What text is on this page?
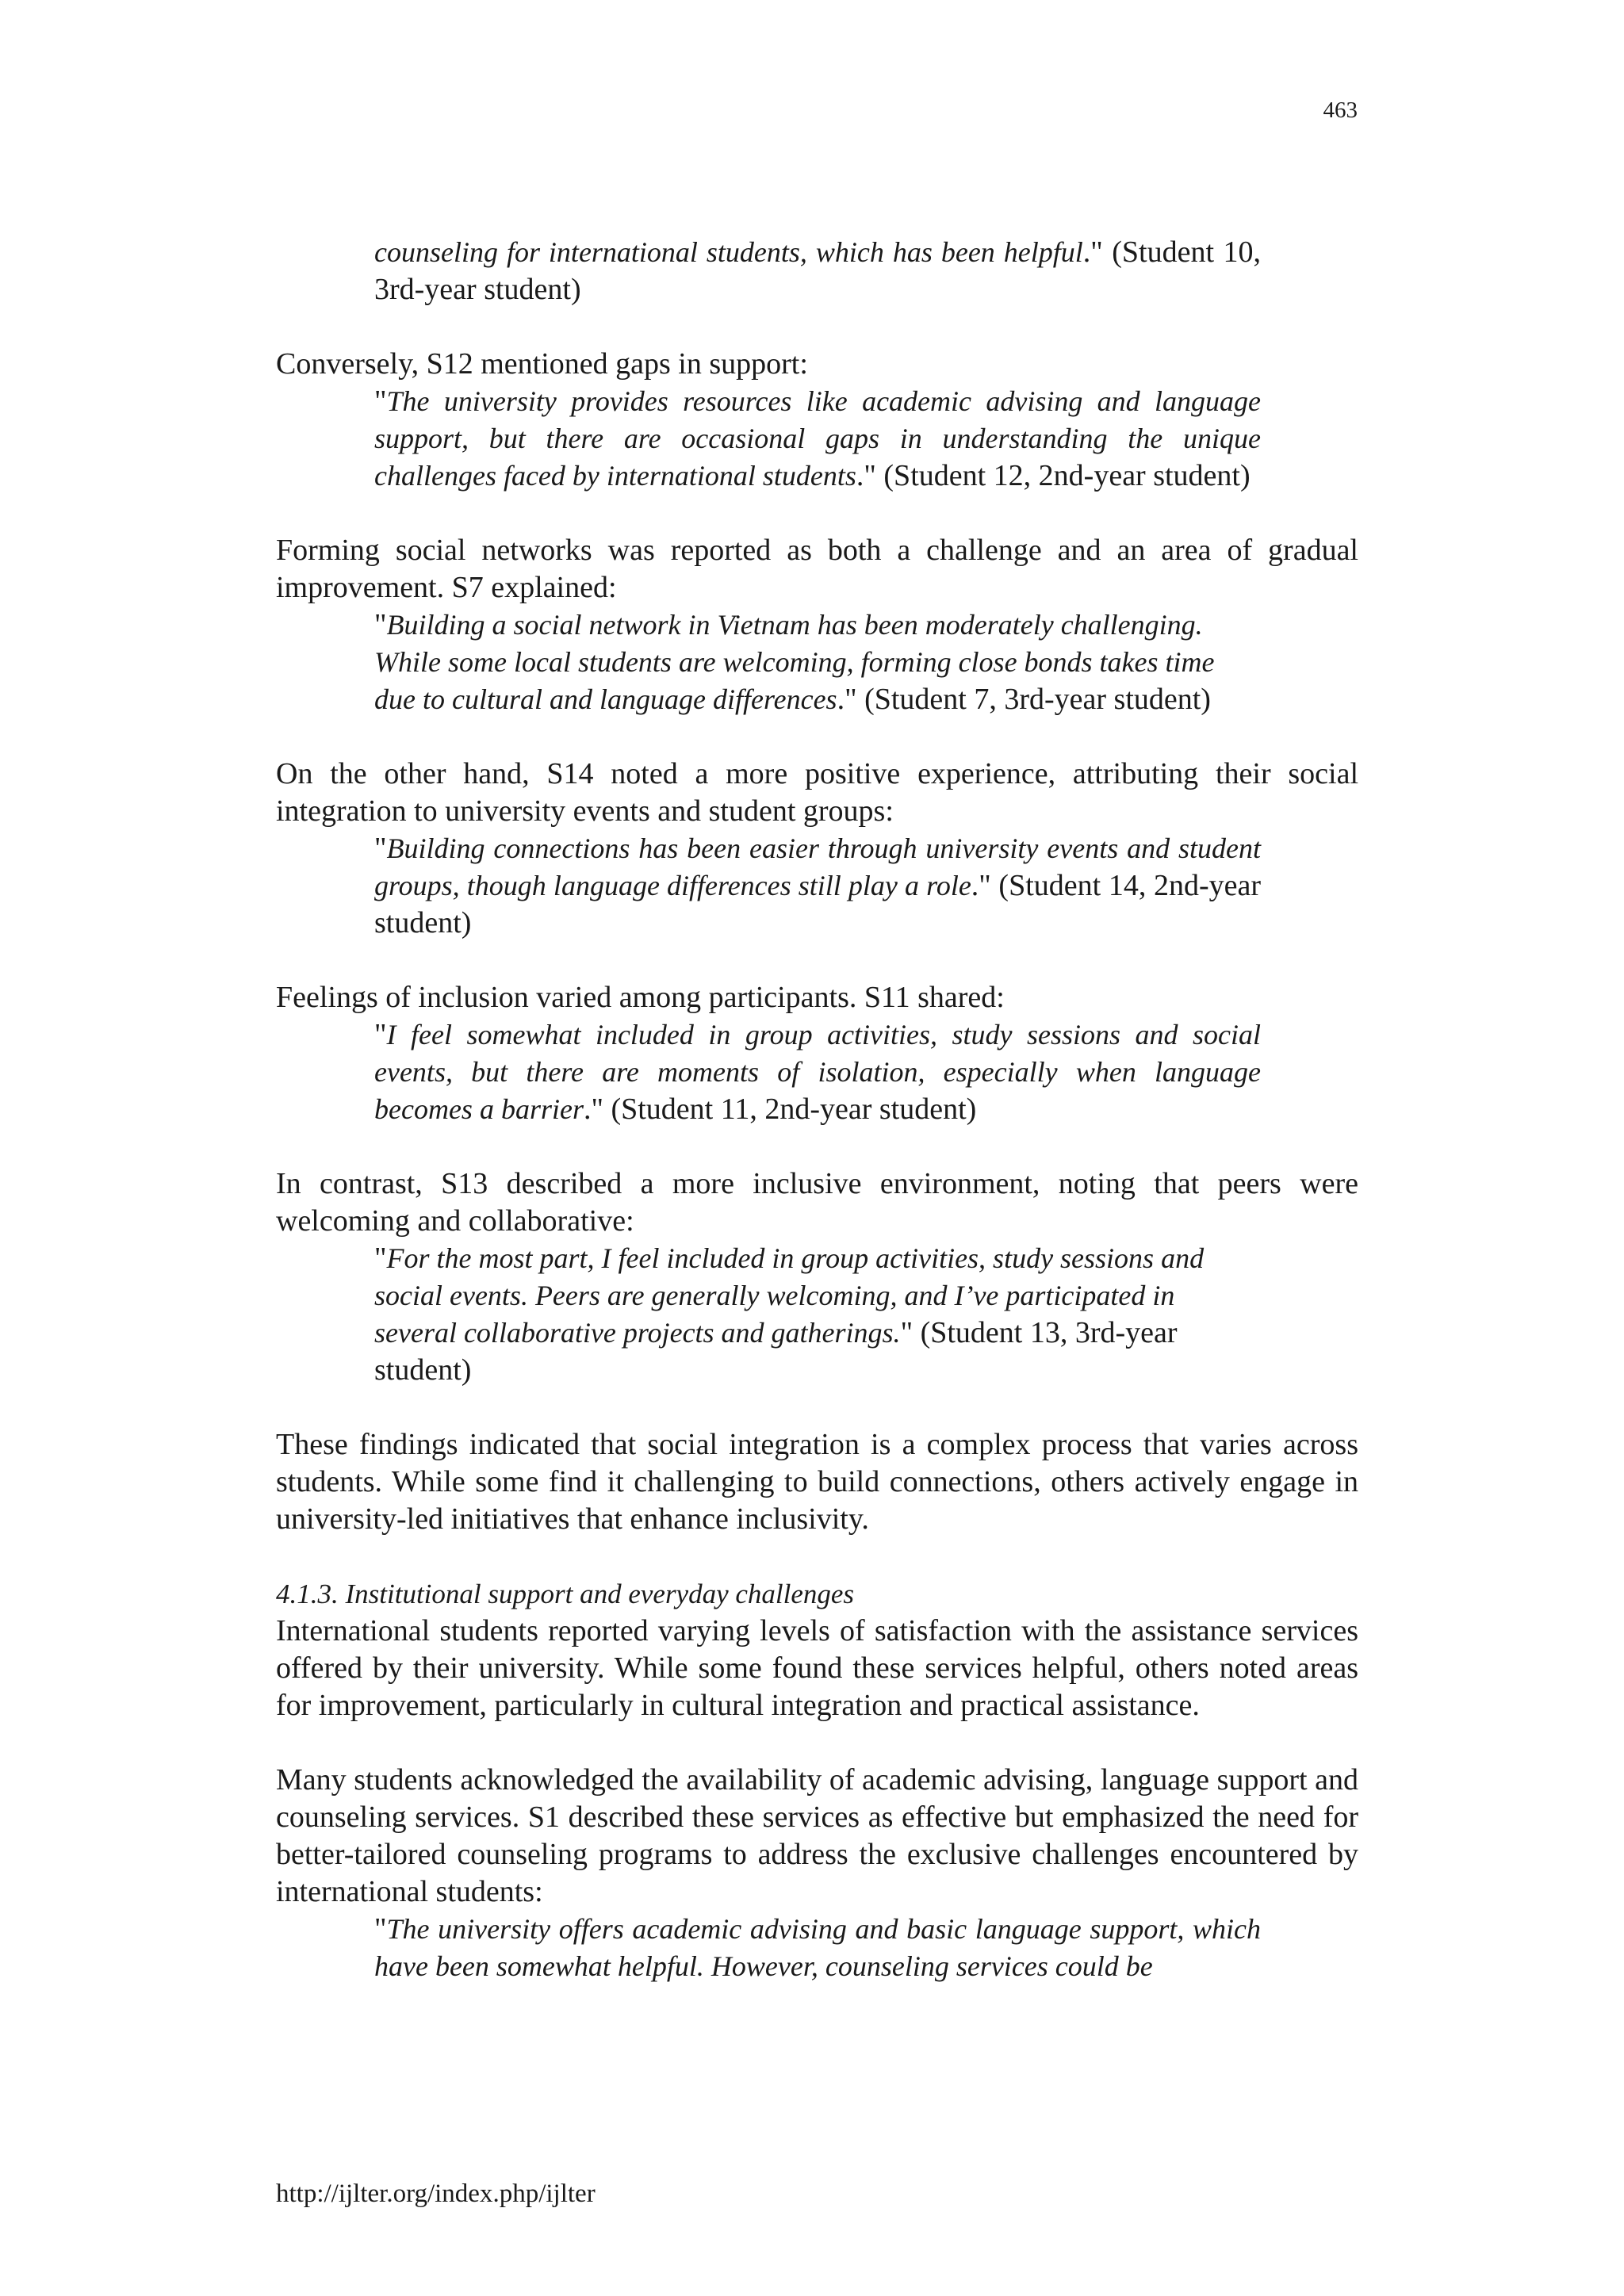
463

counseling for international students, which has been helpful." (Student 10, 3rd-year student)

Conversely, S12 mentioned gaps in support:

"The university provides resources like academic advising and language support, but there are occasional gaps in understanding the unique challenges faced by international students." (Student 12, 2nd-year student)

Forming social networks was reported as both a challenge and an area of gradual improvement. S7 explained:

"Building a social network in Vietnam has been moderately challenging. While some local students are welcoming, forming close bonds takes time due to cultural and language differences." (Student 7, 3rd-year student)

On the other hand, S14 noted a more positive experience, attributing their social integration to university events and student groups:

"Building connections has been easier through university events and student groups, though language differences still play a role." (Student 14, 2nd-year student)

Feelings of inclusion varied among participants. S11 shared:

"I feel somewhat included in group activities, study sessions and social events, but there are moments of isolation, especially when language becomes a barrier." (Student 11, 2nd-year student)

In contrast, S13 described a more inclusive environment, noting that peers were welcoming and collaborative:

"For the most part, I feel included in group activities, study sessions and social events. Peers are generally welcoming, and I’ve participated in several collaborative projects and gatherings." (Student 13, 3rd-year student)

These findings indicated that social integration is a complex process that varies across students. While some find it challenging to build connections, others actively engage in university-led initiatives that enhance inclusivity.

4.1.3. Institutional support and everyday challenges

International students reported varying levels of satisfaction with the assistance services offered by their university. While some found these services helpful, others noted areas for improvement, particularly in cultural integration and practical assistance.

Many students acknowledged the availability of academic advising, language support and counseling services. S1 described these services as effective but emphasized the need for better-tailored counseling programs to address the exclusive challenges encountered by international students:

"The university offers academic advising and basic language support, which have been somewhat helpful. However, counseling services could be

http://ijlter.org/index.php/ijlter
